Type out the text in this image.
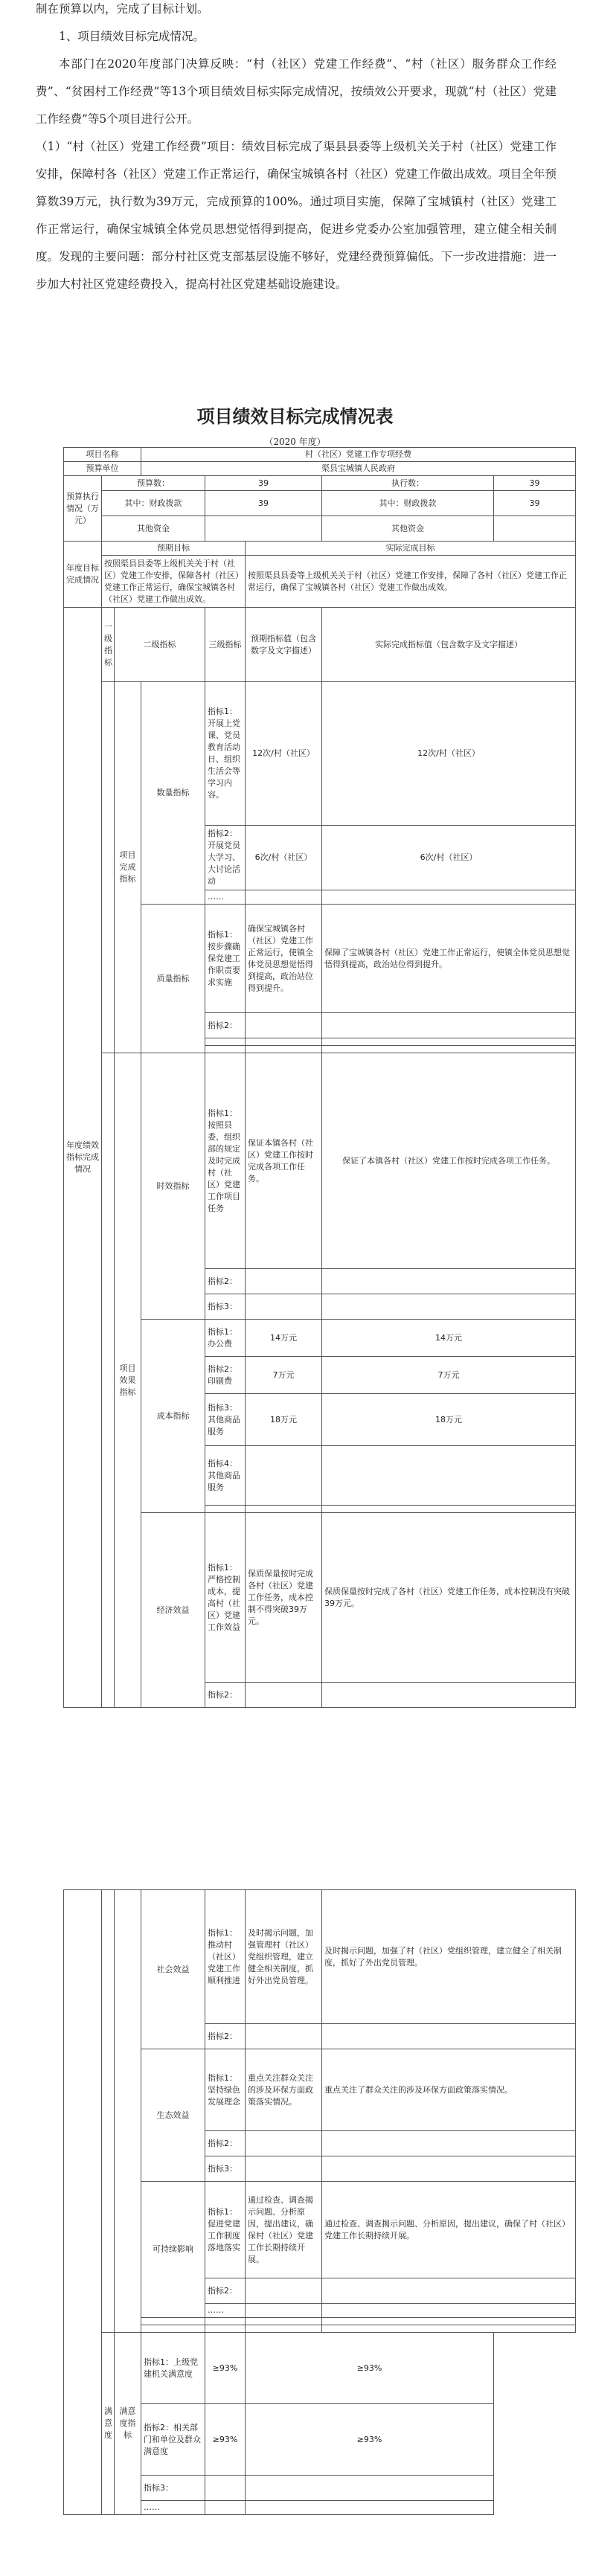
制在预算以内，完成了目标计划。

1、项目绩效目标完成情况。

本部门在2020年度部门决算反映：“村（社区）党建工作经费”、“村（社区）服务群众工作经费”、“贫困村工作经费”等13个项目绩效目标实际完成情况，按绩效公开要求，现就“村（社区）党建工作经费”等5个项目进行公开。

（1）“村（社区）党建工作经费”项目：绩效目标完成了渠县县委等上级机关关于村（社区）党建工作安排，保障村各（社区）党建工作正常运行，确保宝城镇各村（社区）党建工作做出成效。项目全年预算数39万元，执行数为39万元，完成预算的100%。通过项目实施，保障了宝城镇村（社区）党建工作正常运行，确保宝城镇全体党员思想觉悟得到提高，促进乡党委办公室加强管理，建立健全相关制度。发现的主要问题：部分村社区党支部基层设施不够好，党建经费预算偏低。下一步改进措施：进一步加大村社区党建经费投入，提高村社区党建基础设施建设。

项目绩效目标完成情况表
（2020 年度）
项目名称			村（社区）党建工作专项经费				
预算单位			渠县宝城镇人民政府				
预算执行情况（万元）	预算数：			39		执行数：	39
	其中：财政拨款			39		其中：财政拨款	39
	其他资金					其他资金	
年度目标完成情况	预期目标				实际完成目标		
	按照渠县县委等上级机关关于村（社区）党建工作安排，保障各村（社区）党建工作正常运行，确保宝城镇各村（社区）党建工作做出成效。				按照渠县县委等上级机关关于村（社区）党建工作安排，保障了各村（社区）党建工作正常运行，确保了宝城镇各村（社区）党建工作做出成效。		
年度绩效指标完成情况	一级指标	二级指标		三级指标	预期指标值（包含数字及文字描述）	实际完成指标值（包含数字及文字描述）	
		项目完成指标	数量指标	指标1：开展上党课、党员教育活动日、组织生活会等学习内容。	12次/村（社区）	12次/村（社区）	
				指标2：开展党员大学习、大讨论活动	6次/村（社区）	6次/村（社区）	
				……			
			质量指标	指标1：按步骤确保党建工作职责要求实施	确保宝城镇各村（社区）党建工作正常运行，使镇全体党员思想觉悟得到提高，政治站位得到提升。	保障了宝城镇各村（社区）党建工作正常运行，使镇全体党员思想觉悟得到提高，政治站位得到提升。	
				指标2：			

		项目效果指标	时效指标	指标1：按照县委、组织部的规定及时完成村（社区）党建工作项目任务	保证本镇各村（社区）党建工作按时完成各项工作任务。	保证了本镇各村（社区）党建工作按时完成各项工作任务。	
				指标2：			
				指标3：			
			成本指标	指标1：办公费	14万元	14万元	
				指标2：印刷费	7万元	7万元	
				指标3：其他商品服务	18万元	18万元	
				指标4：其他商品服务			

			经济效益	指标1：严格控制成本，提高村（社区）党建工作效益	保质保量按时完成各村（社区）党建工作任务，成本控制不得突破39万元。	保质保量按时完成了各村（社区）党建工作任务，成本控制没有突破39万元。	
				指标2：			
			社会效益	指标1：推动村（社区）党建工作顺利推进	及时揭示问题，加强管理村（社区）党组织管理，建立健全相关制度，抓好外出党员管理。	及时揭示问题，加强了村（社区）党组织管理，建立健全了相关制度，抓好了外出党员管理。
				指标2：		
			生态效益	指标1：坚持绿色发展理念	重点关注群众关注的涉及环保方面政策落实情况。	重点关注了群众关注的涉及环保方面政策落实情况。
				指标2：		
				指标3：		
			可持续影响	指标1：促进党建工作制度落地落实	通过检查、调查揭示问题、分析原因，提出建议，确保村（社区）党建工作长期持续开展。	通过检查、调查揭示问题、分析原因，提出建议，确保了村（社区）党建工作长期持续开展。
				指标2：		
				……		

	满意度	满意度指标	指标1：上级党建机关满意度	≥93%	≥93%	
			指标2：相关部门和单位及群众满意度	≥93%	≥93%	
			指标3：			
			……			
